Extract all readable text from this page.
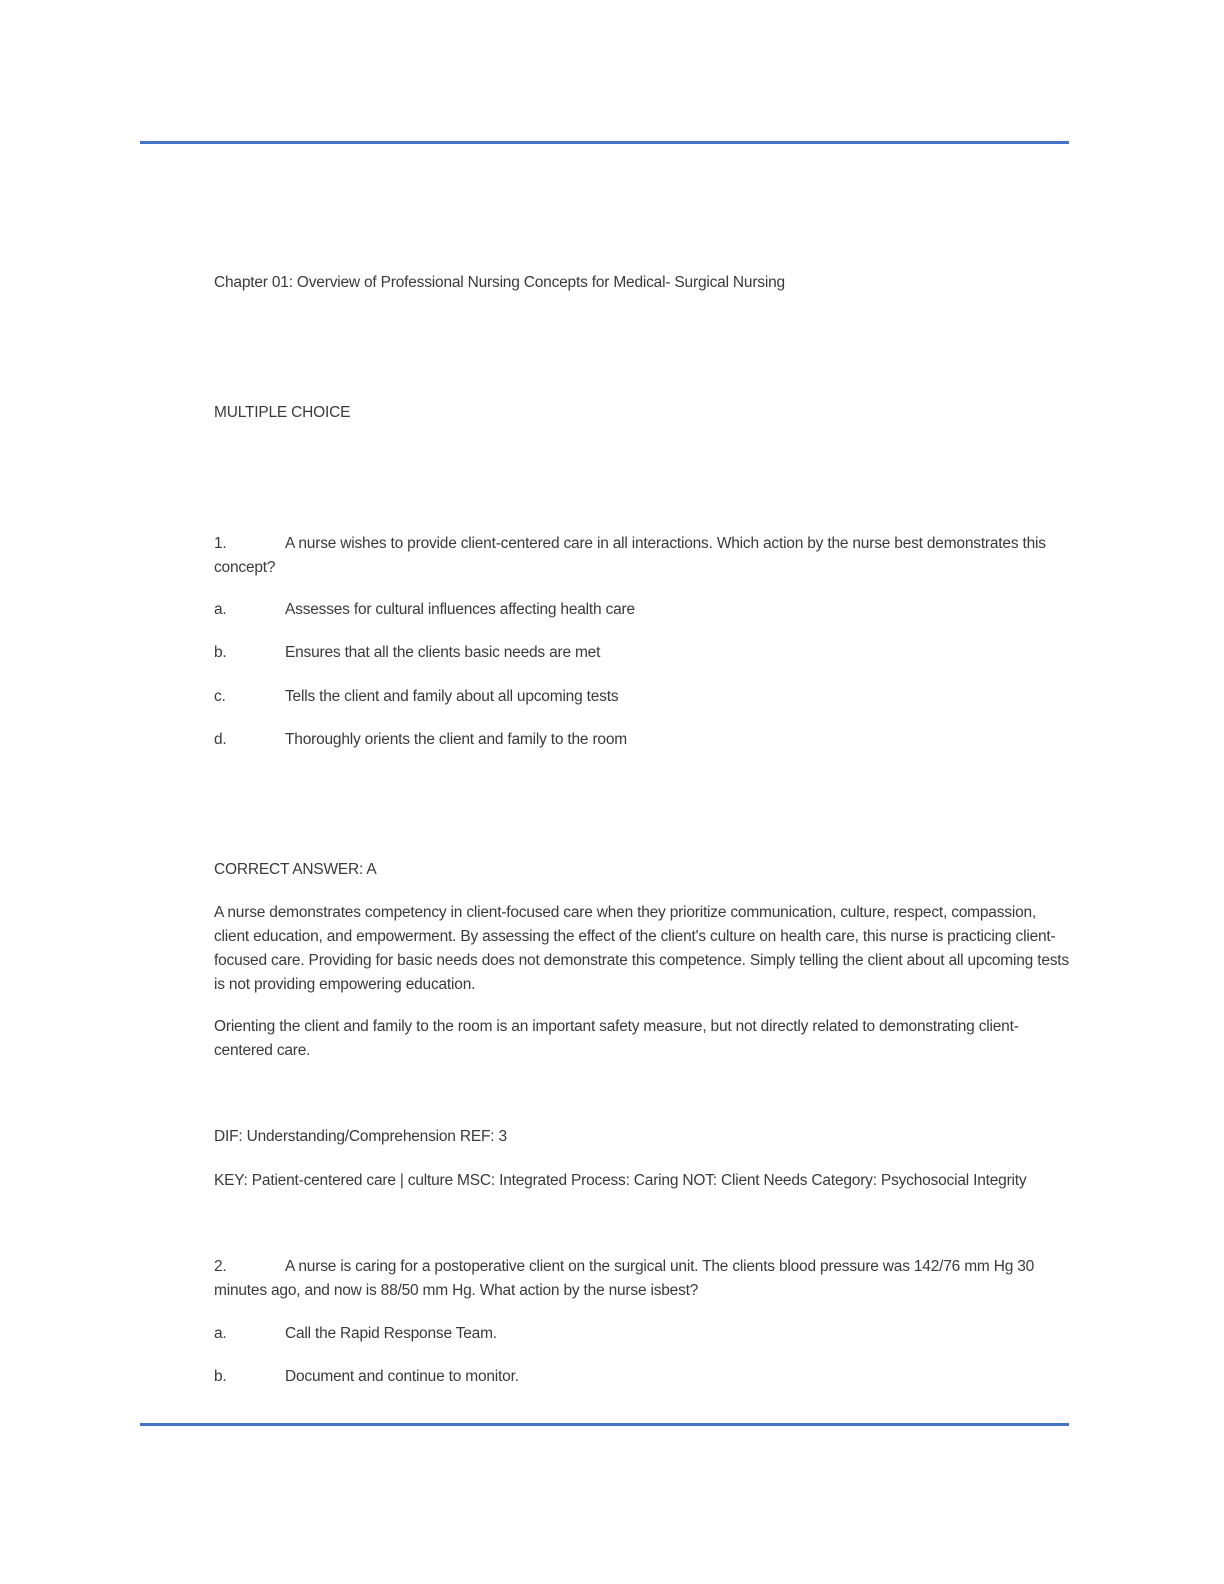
Chapter 01: Overview of Professional Nursing Concepts for Medical- Surgical Nursing

MULTIPLE CHOICE

1.	A nurse wishes to provide client-centered care in all interactions. Which action by the nurse best demonstrates this concept?
a.	Assesses for cultural influences affecting health care
b.	Ensures that all the clients basic needs are met
c.	Tells the client and family about all upcoming tests
d.	Thoroughly orients the client and family to the room

CORRECT ANSWER: A

A nurse demonstrates competency in client-focused care when they prioritize communication, culture, respect, compassion, client education, and empowerment. By assessing the effect of the client's culture on health care, this nurse is practicing client-focused care. Providing for basic needs does not demonstrate this competence. Simply telling the client about all upcoming tests is not providing empowering education.

Orienting the client and family to the room is an important safety measure, but not directly related to demonstrating client-centered care.

DIF: Understanding/Comprehension REF: 3

KEY: Patient-centered care | culture MSC: Integrated Process: Caring NOT: Client Needs Category: Psychosocial Integrity

2.	A nurse is caring for a postoperative client on the surgical unit. The clients blood pressure was 142/76 mm Hg 30 minutes ago, and now is 88/50 mm Hg. What action by the nurse isbest?
a.	Call the Rapid Response Team.
b.	Document and continue to monitor.
